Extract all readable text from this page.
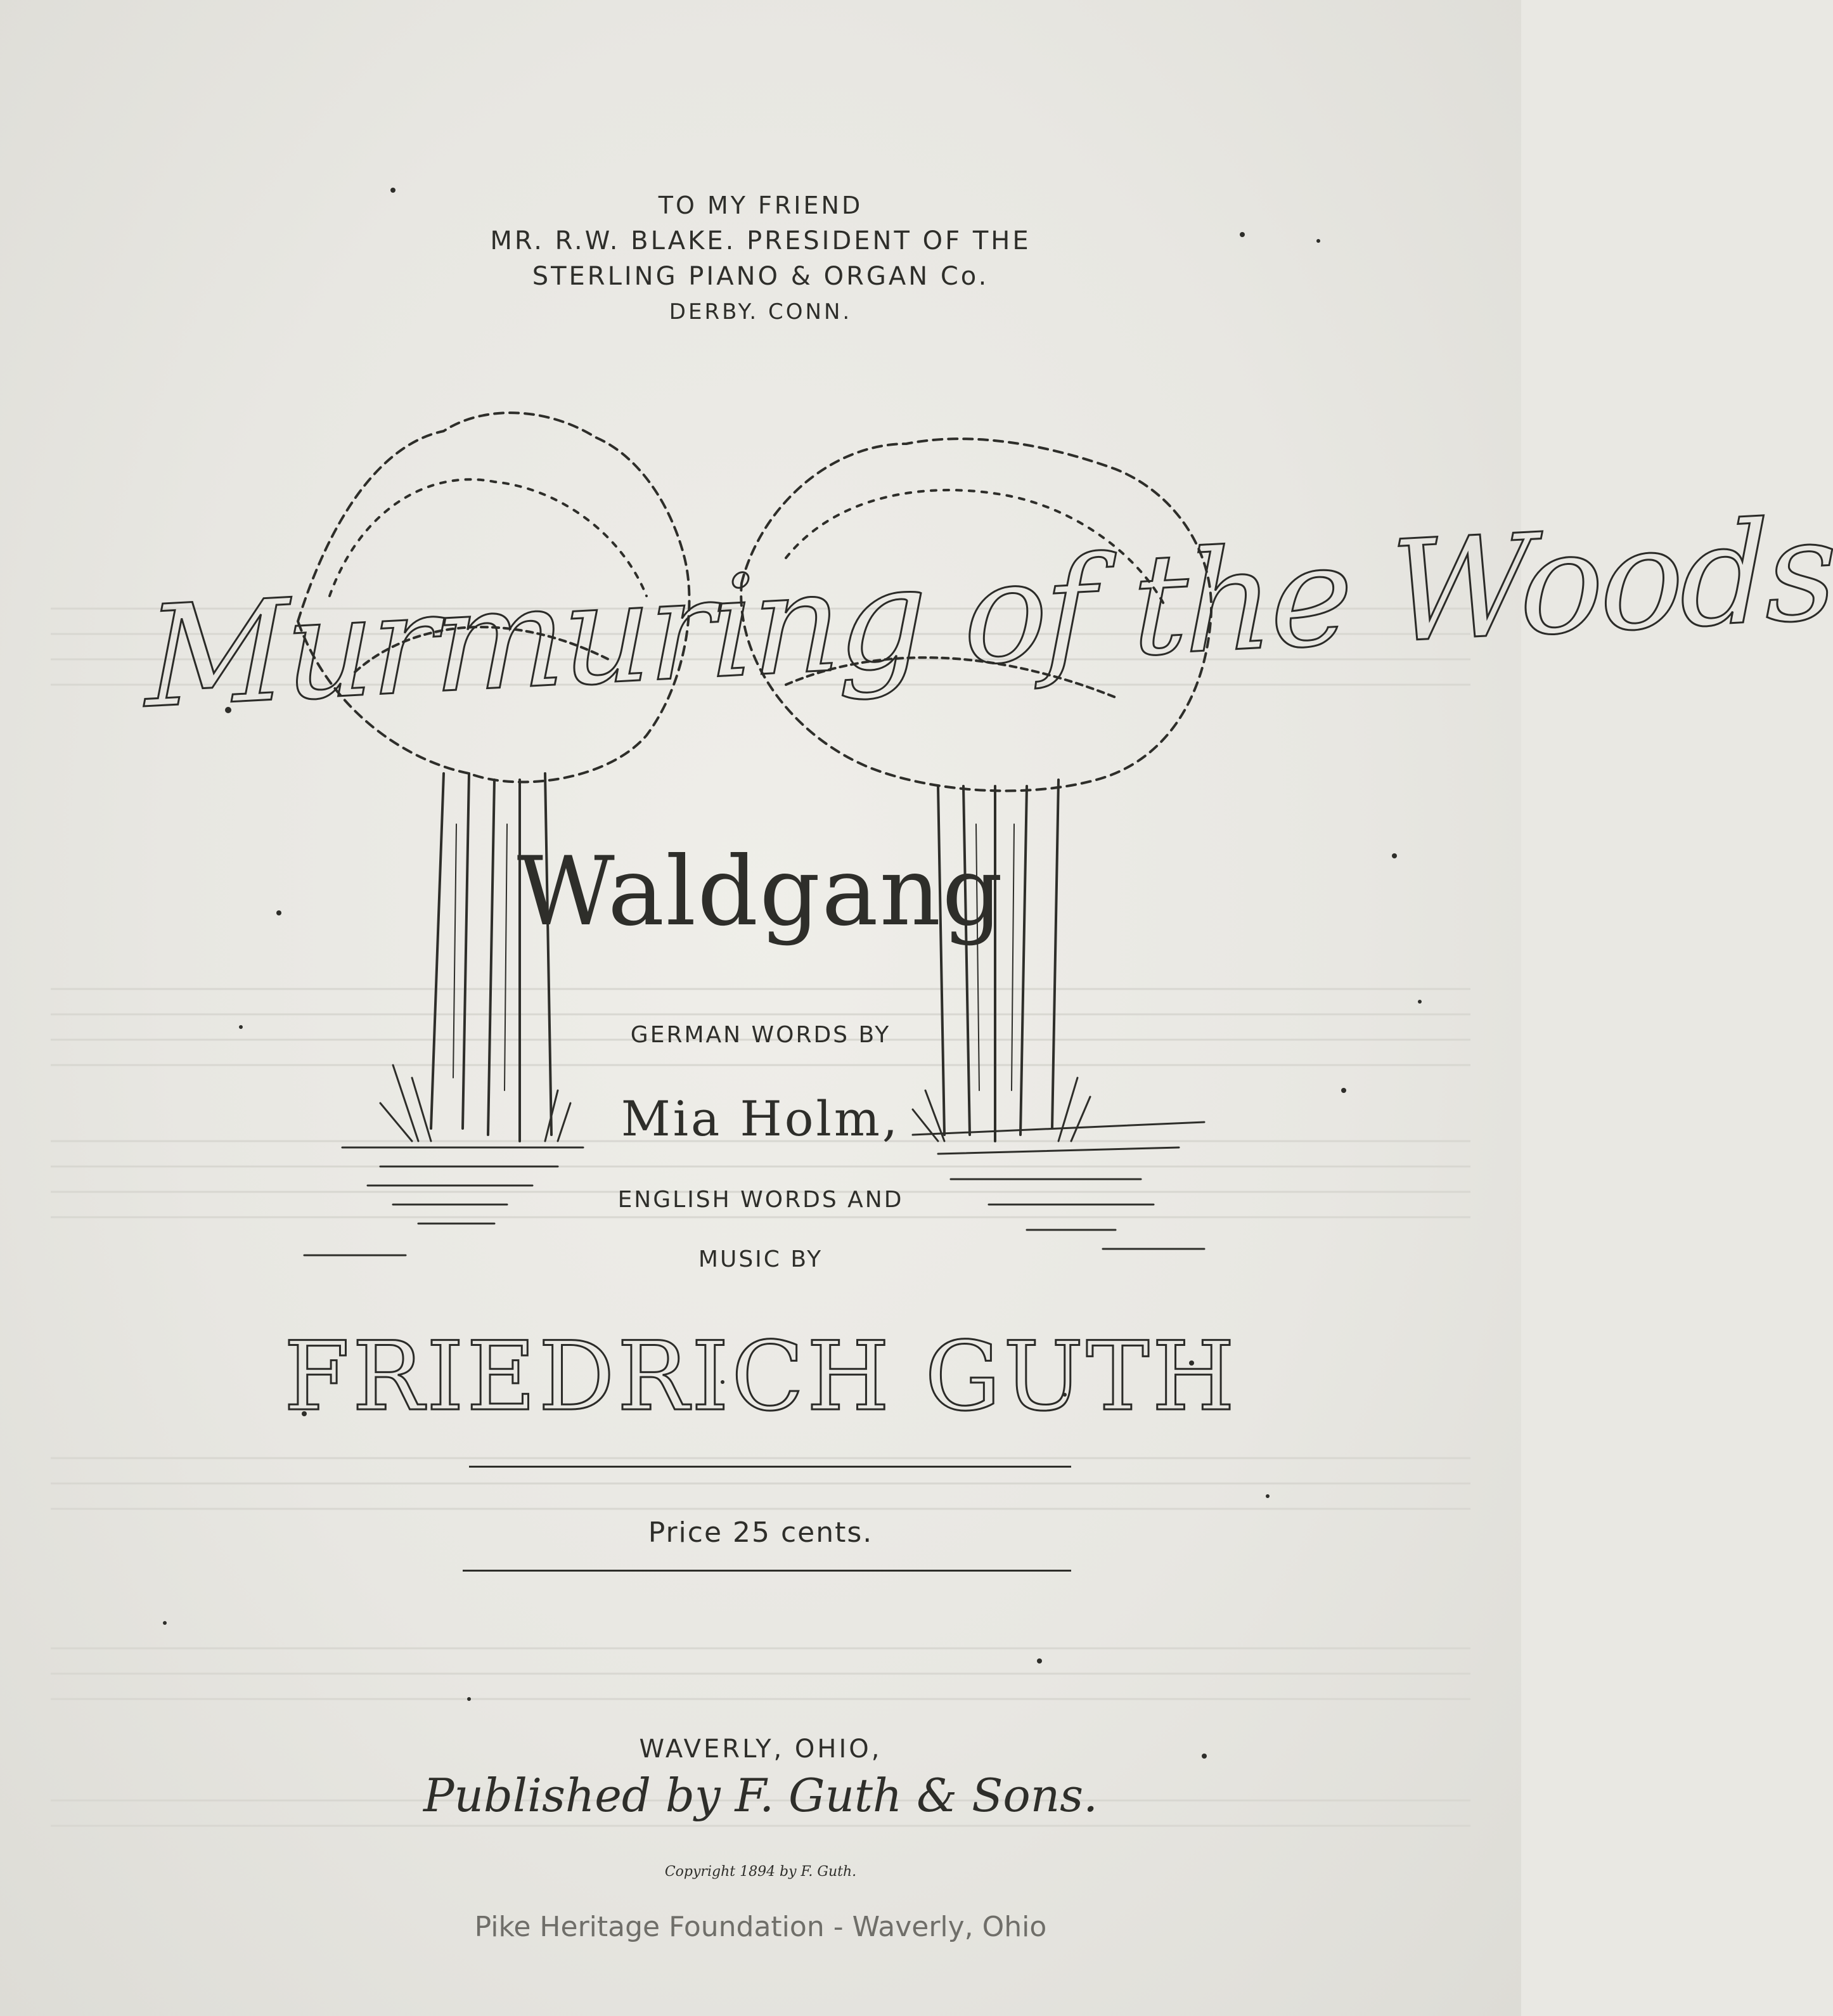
TO MY FRIEND
MR. R.W. BLAKE. PRESIDENT OF THE
STERLING PIANO & ORGAN Co.
DERBY. CONN.
Murmuring of the Woods
Waldgang
GERMAN WORDS BY
Mia Holm,
ENGLISH WORDS AND
MUSIC BY
FRIEDRICH GUTH
Price 25 cents.
WAVERLY, OHIO,
Published by F. Guth & Sons.
Copyright 1894 by F. Guth.
Pike Heritage Foundation - Waverly, Ohio
